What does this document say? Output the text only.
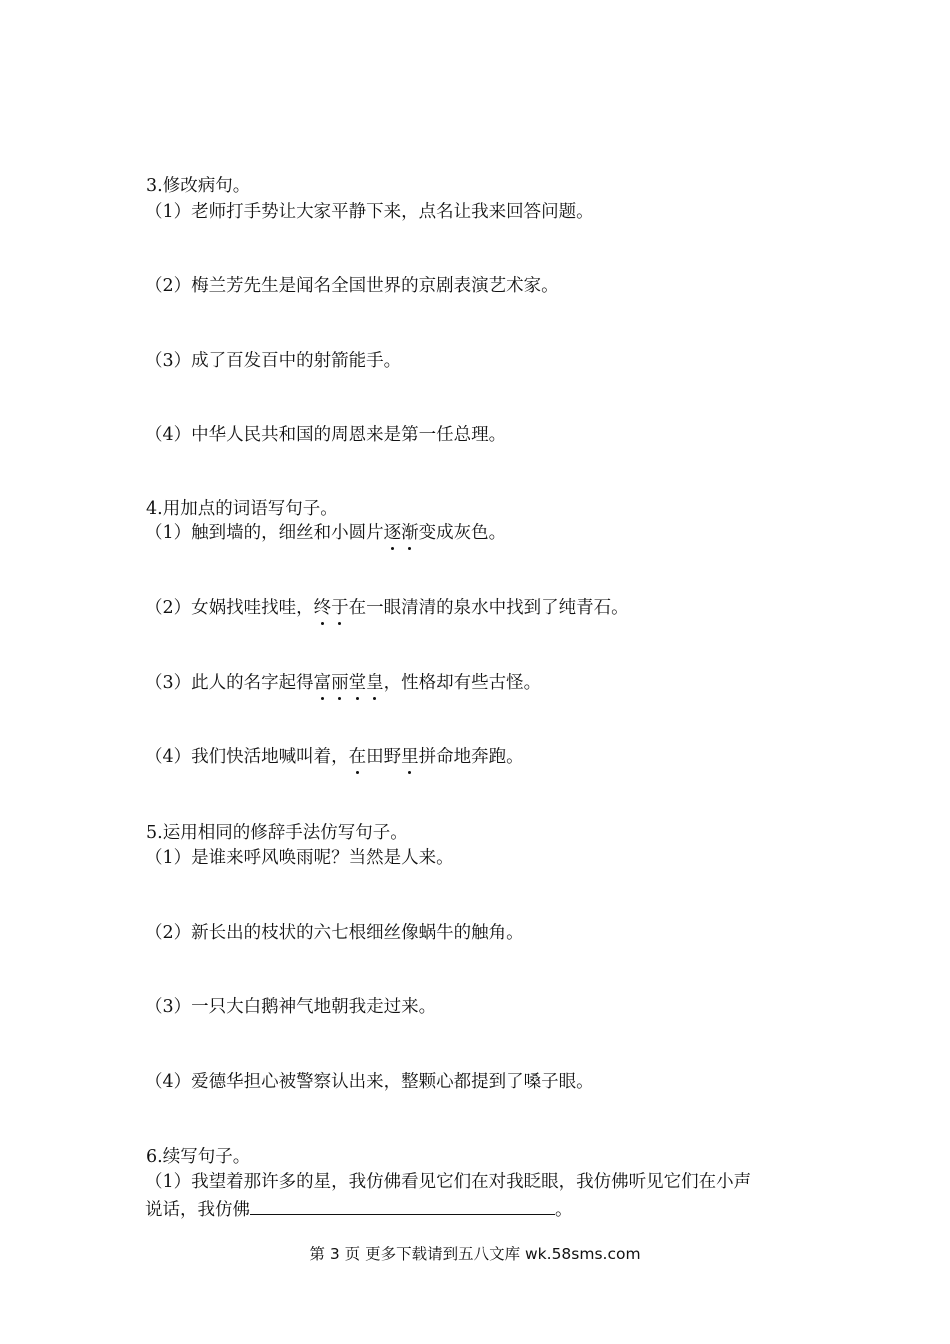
3.修改病句。
（1）老师打手势让大家平静下来，点名让我来回答问题。
（2）梅兰芳先生是闻名全国世界的京剧表演艺术家。
（3）成了百发百中的射箭能手。
（4）中华人民共和国的周恩来是第一任总理。
4.用加点的词语写句子。
（1）触到墙的，细丝和小圆片逐渐变成灰色。
（2）女娲找哇找哇，终于在一眼清清的泉水中找到了纯青石。
（3）此人的名字起得富丽堂皇，性格却有些古怪。
（4）我们快活地喊叫着，在田野里拼命地奔跑。
5.运用相同的修辞手法仿写句子。
（1）是谁来呼风唤雨呢？当然是人来。
（2）新长出的枝状的六七根细丝像蜗牛的触角。
（3）一只大白鹅神气地朝我走过来。
（4）爱德华担心被警察认出来，整颗心都提到了嗓子眼。
6.续写句子。
（1）我望着那许多的星，我仿佛看见它们在对我眨眼，我仿佛听见它们在小声
说话，我仿佛	。
第 3 页 更多下载请到五八文库 wk.58sms.com
